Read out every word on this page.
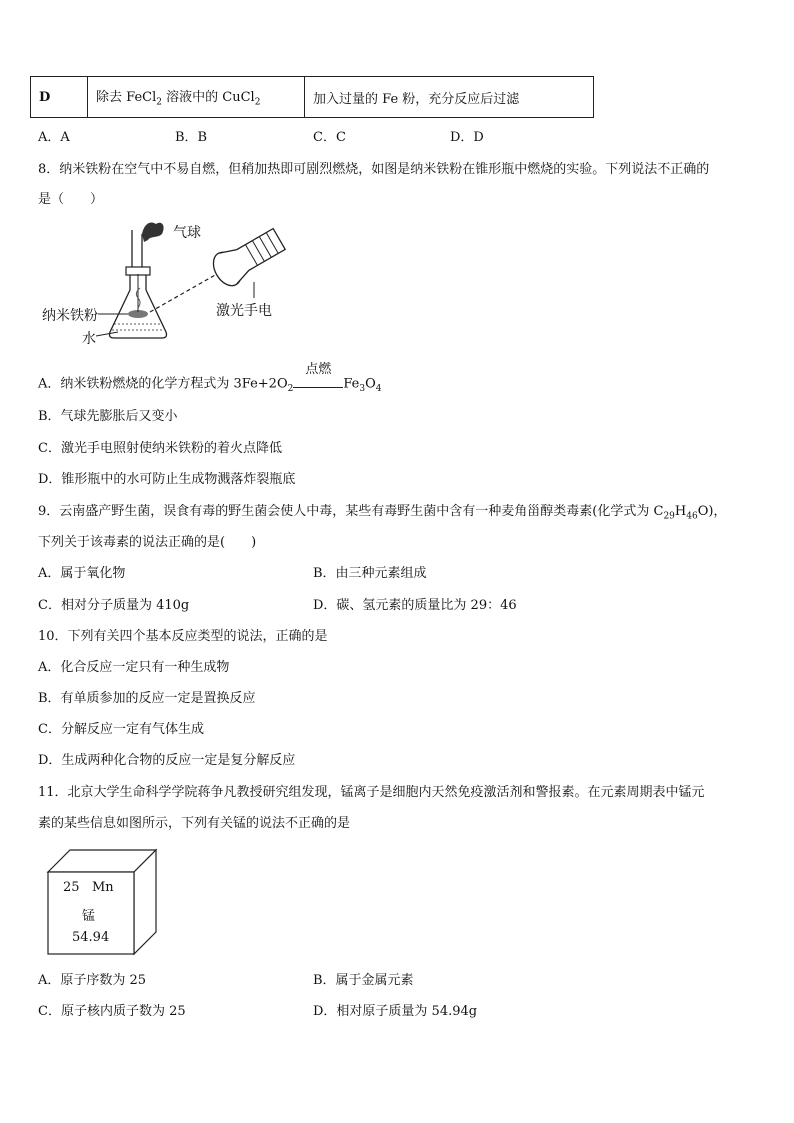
D	除去 FeCl$_2$ 溶液中的 CuCl$_2$	加入过量的 Fe 粉，充分反应后过滤
A．A	B．B	C．C	D．D
8．纳米铁粉在空气中不易自燃，但稍加热即可剧烈燃烧，如图是纳米铁粉在锥形瓶中燃烧的实验。下列说法不正确的
是（　　）
气球
纳米铁粉
水
激光手电
A．纳米铁粉燃烧的化学方程式为 $3Fe+2O_2$
点燃

$Fe_3O_4$
B．气球先膨胀后又变小
C．激光手电照射使纳米铁粉的着火点降低
D．锥形瓶中的水可防止生成物溅落炸裂瓶底
9．云南盛产野生菌，误食有毒的野生菌会使人中毒，某些有毒野生菌中含有一种麦角甾醇类毒素(化学式为 $C_{29}H_{46}O$)，
下列关于该毒素的说法正确的是(　　)
A．属于氧化物	B．由三种元素组成
C．相对分子质量为 410g	D．碳、氢元素的质量比为 29：46
10．下列有关四个基本反应类型的说法，正确的是
A．化合反应一定只有一种生成物
B．有单质参加的反应一定是置换反应
C．分解反应一定有气体生成
D．生成两种化合物的反应一定是复分解反应
11．北京大学生命科学学院蒋争凡教授研究组发现，锰离子是细胞内天然免疫激活剂和警报素。在元素周期表中锰元
素的某些信息如图所示，下列有关锰的说法不正确的是
25 Mn
锰
54.94
A．原子序数为 25	B．属于金属元素
C．原子核内质子数为 25	D．相对原子质量为 54.94g
